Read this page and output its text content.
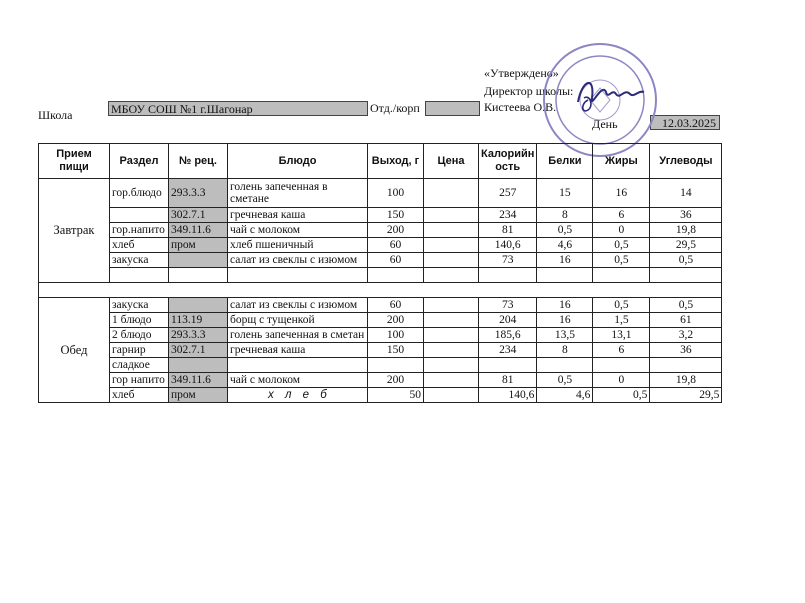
«Утверждено»
Директор школы:
Кистеева О.В.
День	12.03.2025
Школа	МБОУ СОШ №1 г.Шагонар	Отд./корп
Прием пищи	Раздел	№ рец.	Блюдо	Выход, г	Цена	Калорийн ость	Белки	Жиры	Углеводы
Завтрак	гор.блюдо	293.3.3	голень запеченная в сметане	100		257	15	16	14
		302.7.1	гречневая каша	150		234	8	6	36
	гор.напито	349.11.6	чай с молоком	200		81	0,5	0	19,8
	хлеб	пром	хлеб пшеничный	60		140,6	4,6	0,5	29,5
	закуска		салат из свеклы с изюмом	60		73	16	0,5	0,5

Обед	закуска		салат из свеклы с изюмом	60		73	16	0,5	0,5
	1 блюдо	113.19	борщ с тущенкой	200		204	16	1,5	61
	2 блюдо	293.3.3	голень запеченная в сметан	100		185,6	13,5	13,1	3,2
	гарнир	302.7.1	гречневая каша	150		234	8	6	36
	сладкое								
	гор напито	349.11.6	чай с молоком	200		81	0,5	0	19,8
	хлеб	пром	х л е б	50		140,6	4,6	0,5	29,5
